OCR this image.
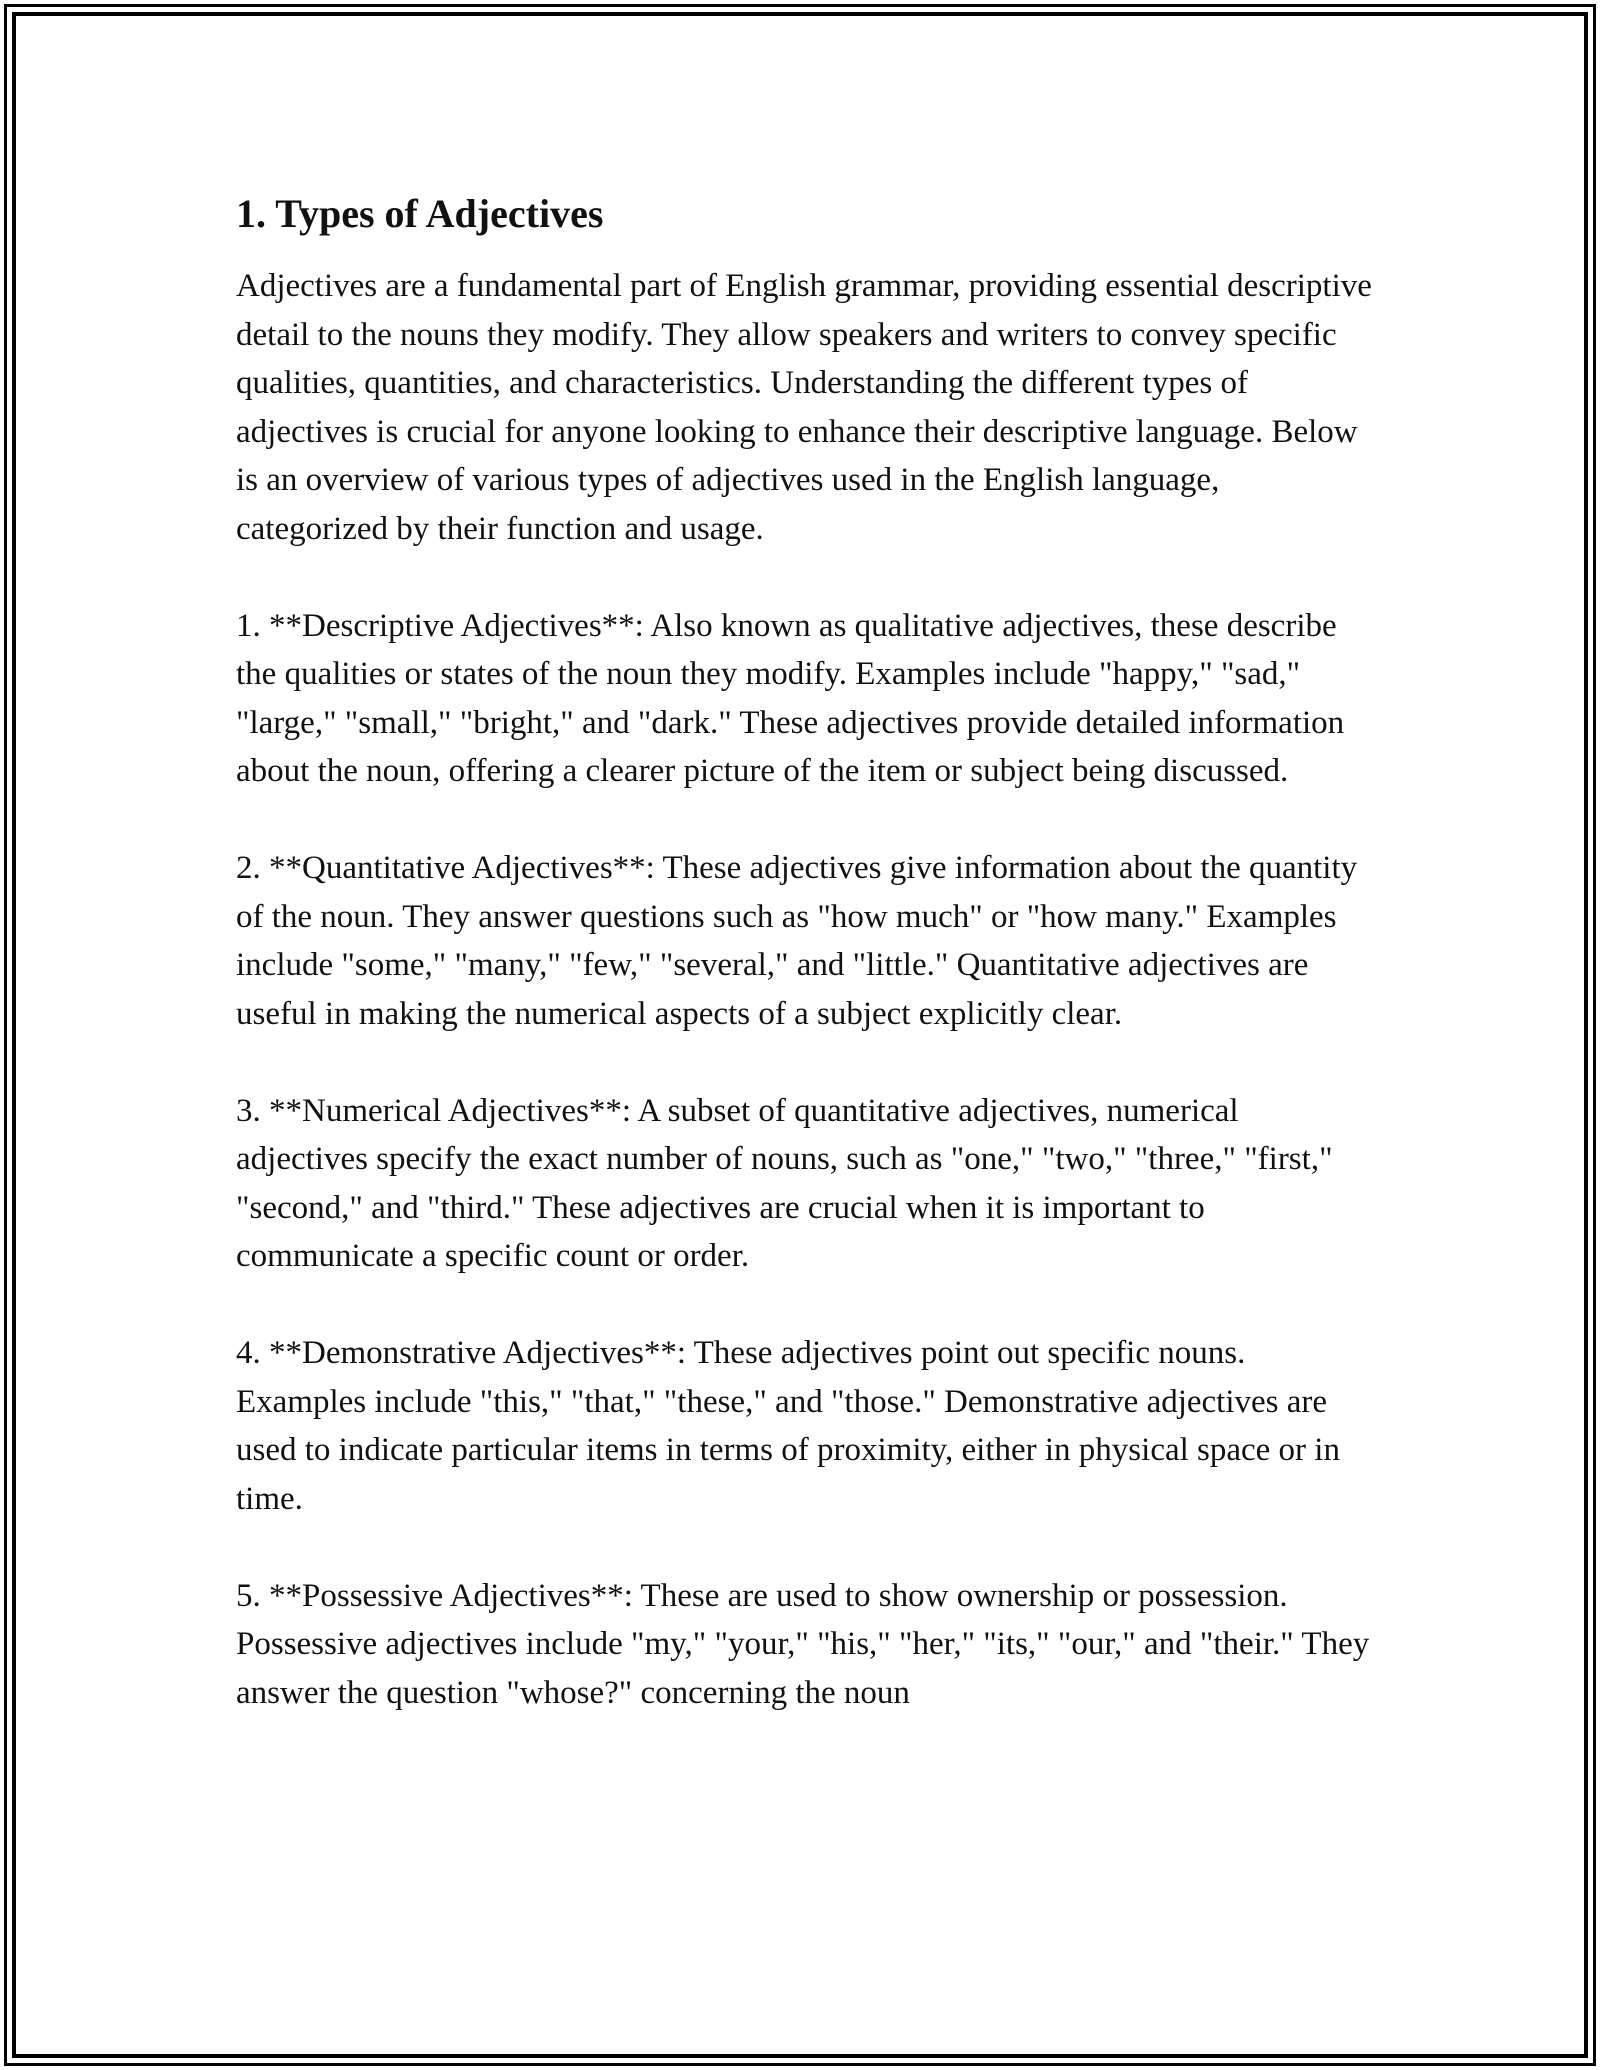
1. Types of Adjectives

Adjectives are a fundamental part of English grammar, providing essential descriptive detail to the nouns they modify. They allow speakers and writers to convey specific qualities, quantities, and characteristics. Understanding the different types of adjectives is crucial for anyone looking to enhance their descriptive language. Below is an overview of various types of adjectives used in the English language, categorized by their function and usage.

1. **Descriptive Adjectives**: Also known as qualitative adjectives, these describe the qualities or states of the noun they modify. Examples include "happy," "sad," "large," "small," "bright," and "dark." These adjectives provide detailed information about the noun, offering a clearer picture of the item or subject being discussed.

2. **Quantitative Adjectives**: These adjectives give information about the quantity of the noun. They answer questions such as "how much" or "how many." Examples include "some," "many," "few," "several," and "little." Quantitative adjectives are useful in making the numerical aspects of a subject explicitly clear.

3. **Numerical Adjectives**: A subset of quantitative adjectives, numerical adjectives specify the exact number of nouns, such as "one," "two," "three," "first," "second," and "third." These adjectives are crucial when it is important to communicate a specific count or order.

4. **Demonstrative Adjectives**: These adjectives point out specific nouns. Examples include "this," "that," "these," and "those." Demonstrative adjectives are used to indicate particular items in terms of proximity, either in physical space or in time.

5. **Possessive Adjectives**: These are used to show ownership or possession. Possessive adjectives include "my," "your," "his," "her," "its," "our," and "their." They answer the question "whose?" concerning the noun
